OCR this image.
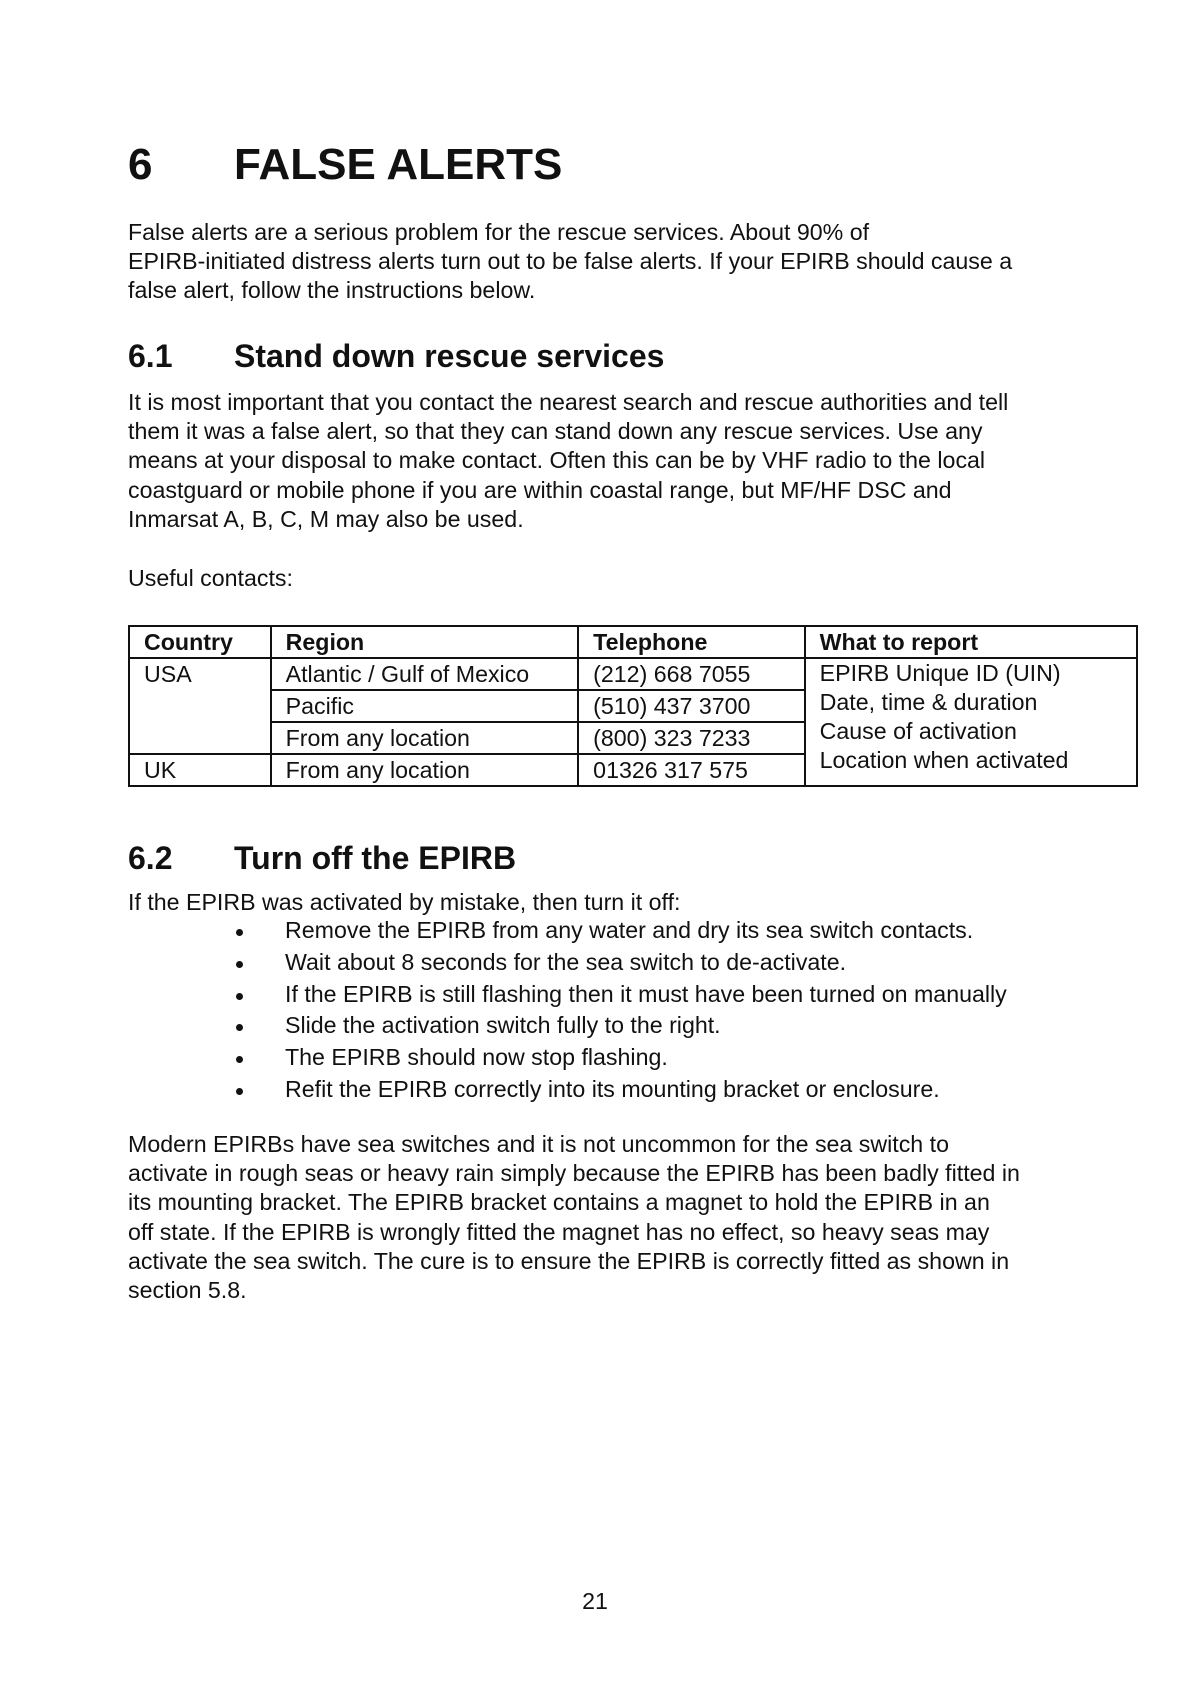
6 FALSE ALERTS
False alerts are a serious problem for the rescue services. About 90% of
EPIRB-initiated distress alerts turn out to be false alerts. If your EPIRB should cause a
false alert, follow the instructions below.
6.1 Stand down rescue services
It is most important that you contact the nearest search and rescue authorities and tell
them it was a false alert, so that they can stand down any rescue services. Use any
means at your disposal to make contact. Often this can be by VHF radio to the local
coastguard or mobile phone if you are within coastal range, but MF/HF DSC and
Inmarsat A, B, C, M may also be used.
Useful contacts:
Country	Region	Telephone	What to report
USA	Atlantic / Gulf of Mexico	(212) 668 7055	EPIRB Unique ID (UIN)
Date, time & duration
Cause of activation
Location when activated

	Pacific	(510) 437 3700	
	From any location	(800) 323 7233	
UK	From any location	01326 317 575	
6.2 Turn off the EPIRB
If the EPIRB was activated by mistake, then turn it off:
Remove the EPIRB from any water and dry its sea switch contacts.
Wait about 8 seconds for the sea switch to de-activate.
If the EPIRB is still flashing then it must have been turned on manually
Slide the activation switch fully to the right.
The EPIRB should now stop flashing.
Refit the EPIRB correctly into its mounting bracket or enclosure.
Modern EPIRBs have sea switches and it is not uncommon for the sea switch to
activate in rough seas or heavy rain simply because the EPIRB has been badly fitted in
its mounting bracket. The EPIRB bracket contains a magnet to hold the EPIRB in an
off state. If the EPIRB is wrongly fitted the magnet has no effect, so heavy seas may
activate the sea switch. The cure is to ensure the EPIRB is correctly fitted as shown in
section 5.8.
21
